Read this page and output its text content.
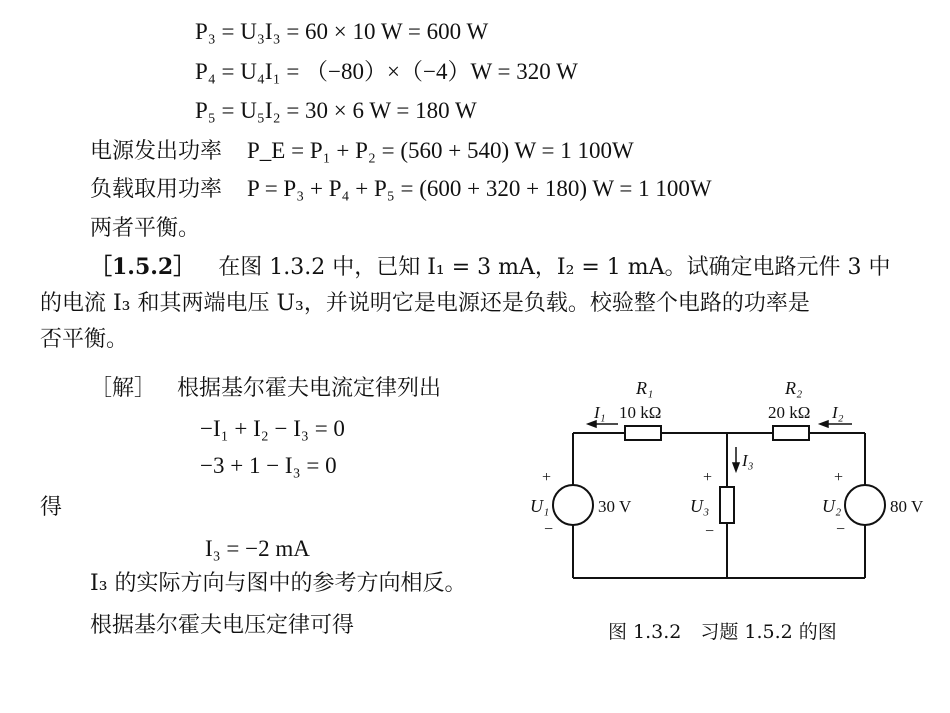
P₃ = U₃I₃ = 60 × 10 W = 600 W
P₄ = U₄I₁ = （−80）×（−4）W = 320 W
P₅ = U₅I₂ = 30 × 6 W = 180 W
电源发出功率 P_E = P₁ + P₂ = (560 + 540) W = 1 100W
负载取用功率 P = P₃ + P₄ + P₅ = (600 + 320 + 180) W = 1 100W
两者平衡。
［1.5.2］ 在图 1.3.2 中，已知 I₁ = 3 mA，I₂ = 1 mA。试确定电路元件 3 中
的电流 I₃ 和其两端电压 U₃，并说明它是电源还是负载。校验整个电路的功率是
否平衡。
［解］ 根据基尔霍夫电流定律列出
−I₁ + I₂ − I₃ = 0
−3 + 1 − I₃ = 0
得
I₃ = −2 mA
I₃ 的实际方向与图中的参考方向相反。
根据基尔霍夫电压定律可得
R₁
10 kΩ
R₂
20 kΩ
I₁	I₂
I₃
+
U₁
−
30 V
+
U₃
−
+
U₂
−
80 V
图 1.3.2　习题 1.5.2 的图
